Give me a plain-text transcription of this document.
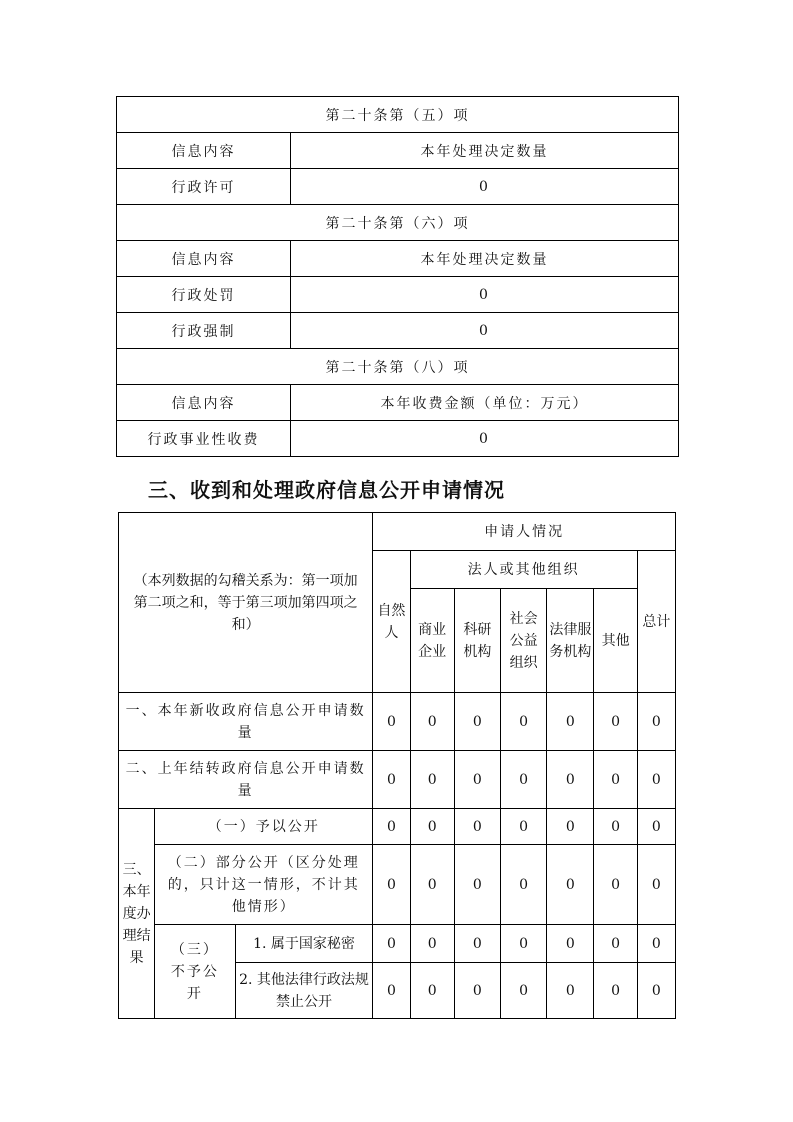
第二十条第（五）项	
信息内容	本年处理决定数量
行政许可	0
第二十条第（六）项	
信息内容	本年处理决定数量
行政处罚	0
行政强制	0
第二十条第（八）项	
信息内容	本年收费金额（单位：万元）
行政事业性收费	0
三、收到和处理政府信息公开申请情况
（本列数据的勾稽关系为：第一项加第二项之和，等于第三项加第四项之和）			申请人情况						
			自然人	法人或其他组织					总计
				商业企业	科研机构	社会公益组织	法律服务机构	其他	
一、本年新收政府信息公开申请数量			0	0	0	0	0	0	0
二、上年结转政府信息公开申请数量			0	0	0	0	0	0	0
三、本年度办理结果	（一）予以公开		0	0	0	0	0	0	0
	（二）部分公开（区分处理的，只计这一情形，不计其他情形）		0	0	0	0	0	0	0
	（三）不予公开	1. 属于国家秘密	0	0	0	0	0	0	0
		2. 其他法律行政法规禁止公开	0	0	0	0	0	0	0
